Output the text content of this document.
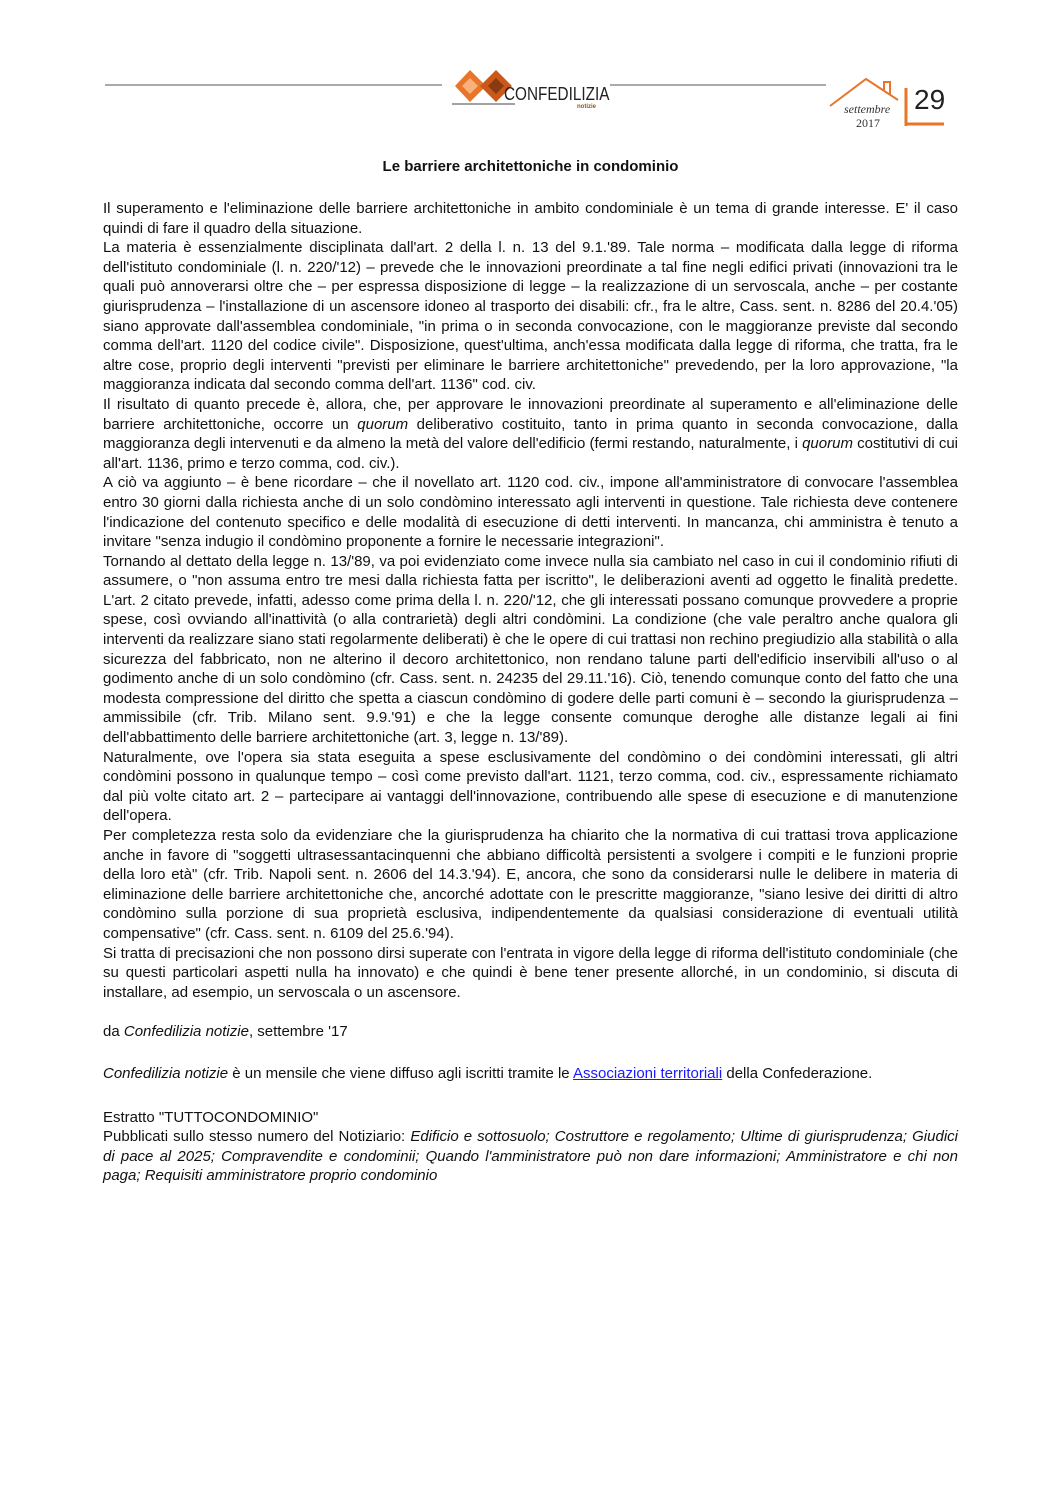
CONFEDILIZIA
notizie	settembre
2017
29
Le barriere architettoniche in condominio

Il superamento e l'eliminazione delle barriere architettoniche in ambito condominiale è un tema di grande interesse. E' il caso quindi di fare il quadro della situazione.

La materia è essenzialmente disciplinata dall'art. 2 della l. n. 13 del 9.1.'89. Tale norma – modificata dalla legge di riforma dell'istituto condominiale (l. n. 220/'12) – prevede che le innovazioni preordinate a tal fine negli edifici privati (innovazioni tra le quali può annoverarsi oltre che – per espressa disposizione di legge – la realizzazione di un servoscala, anche – per costante giurisprudenza – l'installazione di un ascensore idoneo al trasporto dei disabili: cfr., fra le altre, Cass. sent. n. 8286 del 20.4.'05) siano approvate dall'assemblea condominiale, "in prima o in seconda convocazione, con le maggioranze previste dal secondo comma dell'art. 1120 del codice civile". Disposizione, quest'ultima, anch'essa modificata dalla legge di riforma, che tratta, fra le altre cose, proprio degli interventi "previsti per eliminare le barriere architettoniche" prevedendo, per la loro approvazione, "la maggioranza indicata dal secondo comma dell'art. 1136" cod. civ.

Il risultato di quanto precede è, allora, che, per approvare le innovazioni preordinate al superamento e all'eliminazione delle barriere architettoniche, occorre un quorum deliberativo costituito, tanto in prima quanto in seconda convocazione, dalla maggioranza degli intervenuti e da almeno la metà del valore dell'edificio (fermi restando, naturalmente, i quorum costitutivi di cui all'art. 1136, primo e terzo comma, cod. civ.).

A ciò va aggiunto – è bene ricordare – che il novellato art. 1120 cod. civ., impone all'amministratore di convocare l'assemblea entro 30 giorni dalla richiesta anche di un solo condòmino interessato agli interventi in questione. Tale richiesta deve contenere l'indicazione del contenuto specifico e delle modalità di esecuzione di detti interventi. In mancanza, chi amministra è tenuto a invitare "senza indugio il condòmino proponente a fornire le necessarie integrazioni".

Tornando al dettato della legge n. 13/'89, va poi evidenziato come invece nulla sia cambiato nel caso in cui il condominio rifiuti di assumere, o "non assuma entro tre mesi dalla richiesta fatta per iscritto", le deliberazioni aventi ad oggetto le finalità predette. L'art. 2 citato prevede, infatti, adesso come prima della l. n. 220/'12, che gli interessati possano comunque provvedere a proprie spese, così ovviando all'inattività (o alla contrarietà) degli altri condòmini. La condizione (che vale peraltro anche qualora gli interventi da realizzare siano stati regolarmente deliberati) è che le opere di cui trattasi non rechino pregiudizio alla stabilità o alla sicurezza del fabbricato, non ne alterino il decoro architettonico, non rendano talune parti dell'edificio inservibili all'uso o al godimento anche di un solo condòmino (cfr. Cass. sent. n. 24235 del 29.11.'16). Ciò, tenendo comunque conto del fatto che una modesta compressione del diritto che spetta a ciascun condòmino di godere delle parti comuni è – secondo la giurisprudenza – ammissibile (cfr. Trib. Milano sent. 9.9.'91) e che la legge consente comunque deroghe alle distanze legali ai fini dell'abbattimento delle barriere architettoniche (art. 3, legge n. 13/'89).

Naturalmente, ove l'opera sia stata eseguita a spese esclusivamente del condòmino o dei condòmini interessati, gli altri condòmini possono in qualunque tempo – così come previsto dall'art. 1121, terzo comma, cod. civ., espressamente richiamato dal più volte citato art. 2 – partecipare ai vantaggi dell'innovazione, contribuendo alle spese di esecuzione e di manutenzione dell'opera.

Per completezza resta solo da evidenziare che la giurisprudenza ha chiarito che la normativa di cui trattasi trova applicazione anche in favore di "soggetti ultrasessantacinquenni che abbiano difficoltà persistenti a svolgere i compiti e le funzioni proprie della loro età" (cfr. Trib. Napoli sent. n. 2606 del 14.3.'94). E, ancora, che sono da considerarsi nulle le delibere in materia di eliminazione delle barriere architettoniche che, ancorché adottate con le prescritte maggioranze, "siano lesive dei diritti di altro condòmino sulla porzione di sua proprietà esclusiva, indipendentemente da qualsiasi considerazione di eventuali utilità compensative" (cfr. Cass. sent. n. 6109 del 25.6.'94).

Si tratta di precisazioni che non possono dirsi superate con l'entrata in vigore della legge di riforma dell'istituto condominiale (che su questi particolari aspetti nulla ha innovato) e che quindi è bene tener presente allorché, in un condominio, si discuta di installare, ad esempio, un servoscala o un ascensore.

da Confedilizia notizie, settembre '17

Confedilizia notizie è un mensile che viene diffuso agli iscritti tramite le Associazioni territoriali della Confederazione.

Estratto "TUTTOCONDOMINIO"

Pubblicati sullo stesso numero del Notiziario: Edificio e sottosuolo; Costruttore e regolamento; Ultime di giurisprudenza; Giudici di pace al 2025; Compravendite e condominii; Quando l'amministratore può non dare informazioni; Amministratore e chi non paga; Requisiti amministratore proprio condominio
